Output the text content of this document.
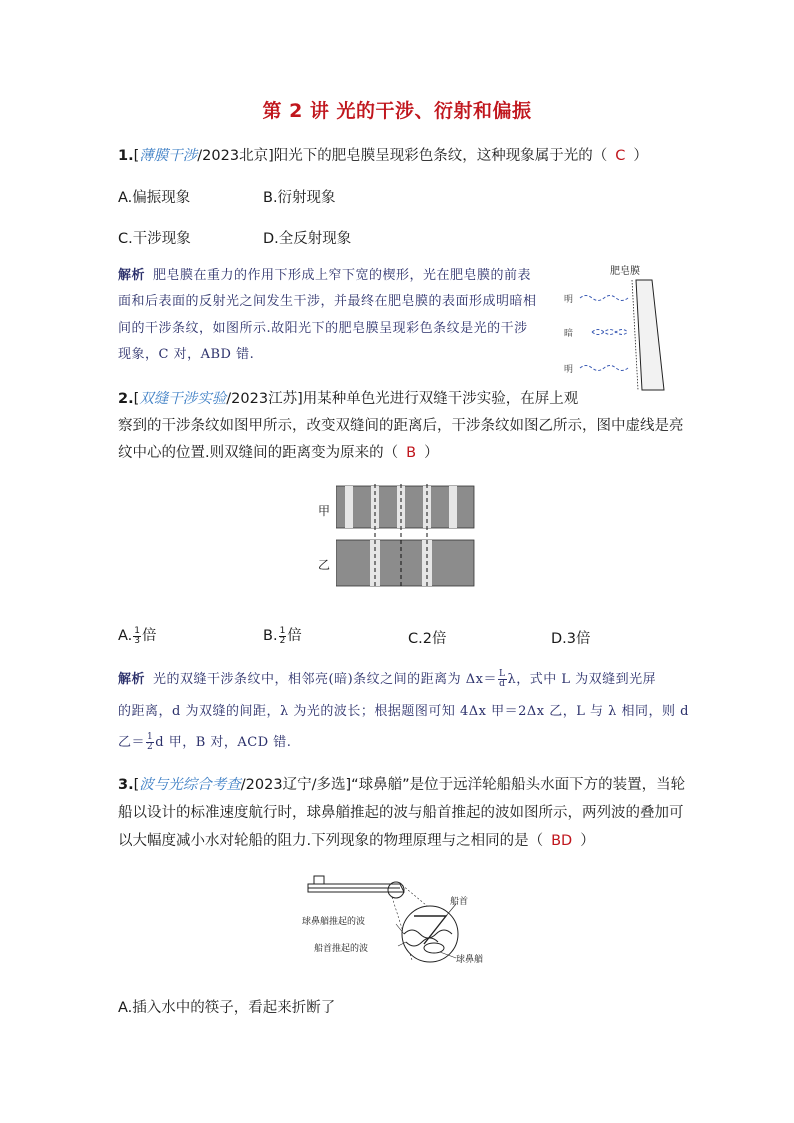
第 2 讲 光的干涉、衍射和偏振
1.[薄膜干涉/2023北京]阳光下的肥皂膜呈现彩色条纹，这种现象属于光的（ C ）
A.偏振现象	B.衍射现象
C.干涉现象	D.全反射现象
解析 肥皂膜在重力的作用下形成上窄下宽的楔形，光在肥皂膜的前表
面和后表面的反射光之间发生干涉，并最终在肥皂膜的表面形成明暗相
间的干涉条纹，如图所示.故阳光下的肥皂膜呈现彩色条纹是光的干涉
现象，C 对，ABD 错.
肥皂膜
明
暗
明
2.[双缝干涉实验/2023江苏]用某种单色光进行双缝干涉实验，在屏上观
察到的干涉条纹如图甲所示，改变双缝间的距离后，干涉条纹如图乙所示，图中虚线是亮
纹中心的位置.则双缝间的距离变为原来的（ B ）
甲
乙
A. $\frac{1}{3}$ 倍	B. $\frac{1}{2}$ 倍	C.2倍	D.3倍
解析 光的双缝干涉条纹中，相邻亮(暗)条纹之间的距离为 $\Delta x= \frac{L}{d}$ λ，式中 L 为双缝到光屏
的距离，d 为双缝的间距，λ 为光的波长；根据题图可知 4Δx 甲＝2Δx 乙，L 与 λ 相同，则 d
乙＝ $\frac{1}{2}$ d 甲，B 对，ACD 错.
3.[波与光综合考查/2023辽宁/多选]“球鼻艏”是位于远洋轮船船头水面下方的装置，当轮
船以设计的标准速度航行时，球鼻艏推起的波与船首推起的波如图所示，两列波的叠加可
以大幅度减小水对轮船的阻力.下列现象的物理原理与之相同的是（ BD ）
船首
球鼻艏
球鼻艏推起的波
船首推起的波
A.插入水中的筷子，看起来折断了
